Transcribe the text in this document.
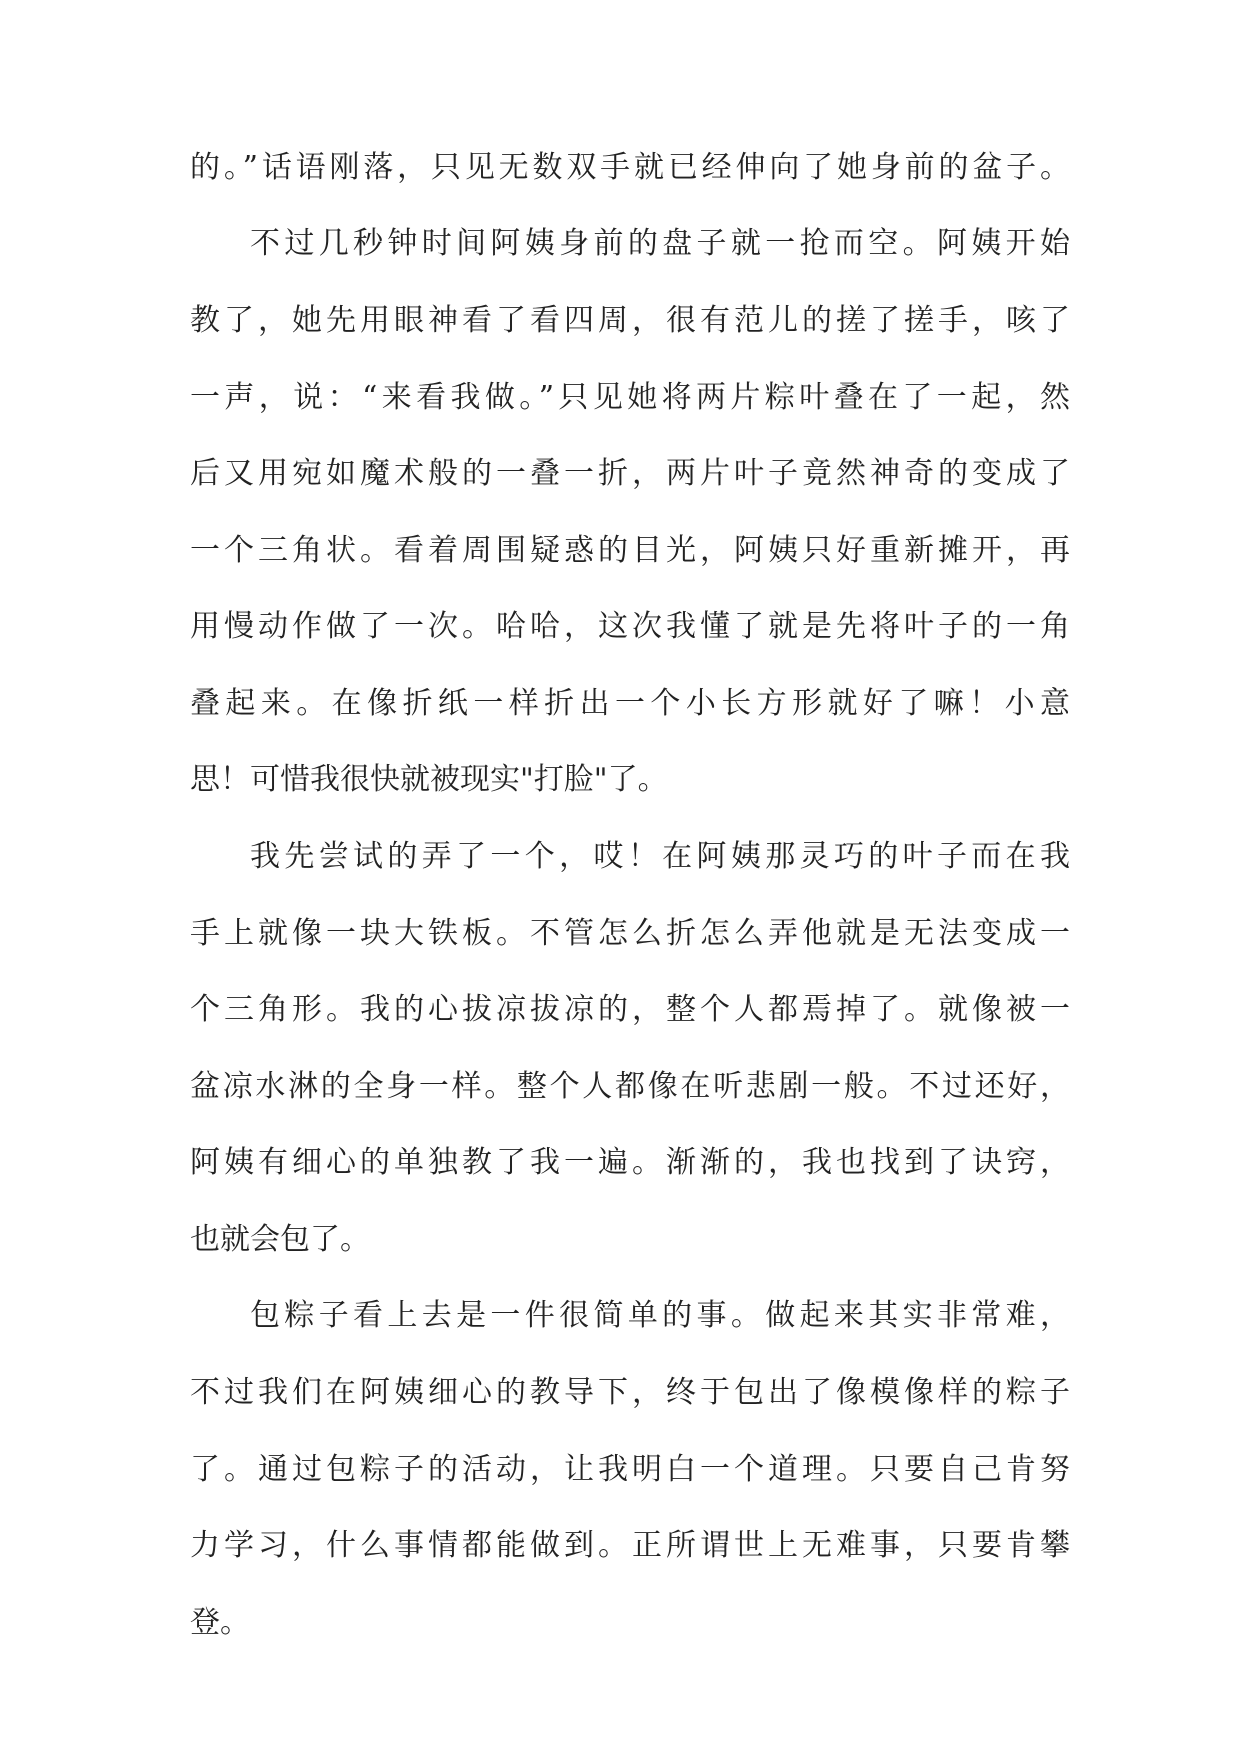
的。”话语刚落，只见无数双手就已经伸向了她身前的盆子。
不过几秒钟时间阿姨身前的盘子就一抢而空。阿姨开始
教了，她先用眼神看了看四周，很有范儿的搓了搓手，咳了
一声，说：“来看我做。”只见她将两片粽叶叠在了一起，然
后又用宛如魔术般的一叠一折，两片叶子竟然神奇的变成了
一个三角状。看着周围疑惑的目光，阿姨只好重新摊开，再
用慢动作做了一次。哈哈，这次我懂了就是先将叶子的一角
叠起来。在像折纸一样折出一个小长方形就好了嘛！小意
思！可惜我很快就被现实"打脸"了。
我先尝试的弄了一个，哎！在阿姨那灵巧的叶子而在我
手上就像一块大铁板。不管怎么折怎么弄他就是无法变成一
个三角形。我的心拔凉拔凉的，整个人都焉掉了。就像被一
盆凉水淋的全身一样。整个人都像在听悲剧一般。不过还好，
阿姨有细心的单独教了我一遍。渐渐的，我也找到了诀窍，
也就会包了。
包粽子看上去是一件很简单的事。做起来其实非常难，
不过我们在阿姨细心的教导下，终于包出了像模像样的粽子
了。通过包粽子的活动，让我明白一个道理。只要自己肯努
力学习，什么事情都能做到。正所谓世上无难事，只要肯攀
登。
